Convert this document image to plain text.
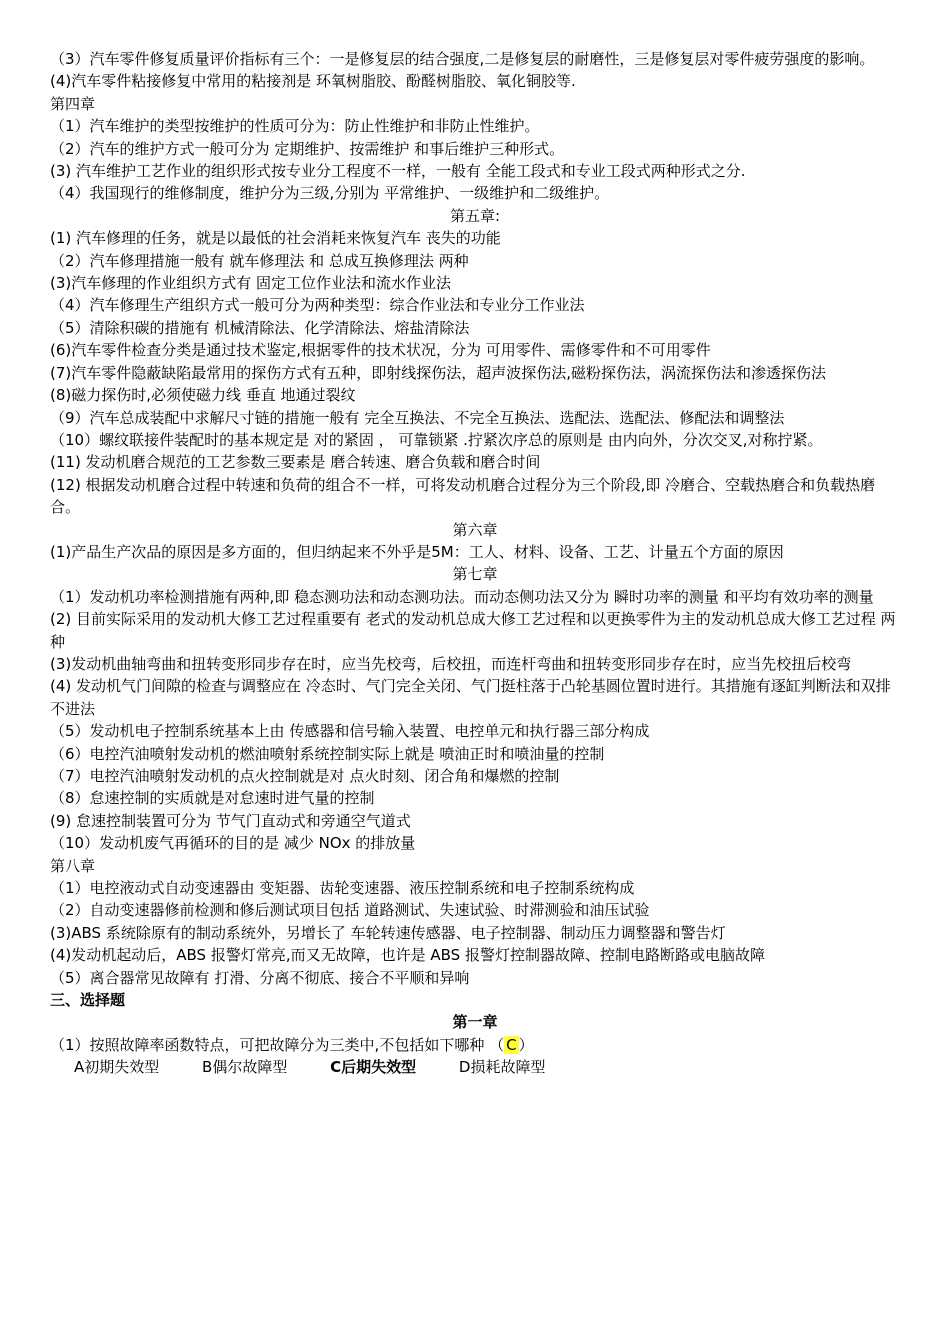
（3）汽车零件修复质量评价指标有三个：一是修复层的结合强度,二是修复层的耐磨性，三是修复层对零件疲劳强度的影响。
(4)汽车零件粘接修复中常用的粘接剂是 环氧树脂胶、酚醛树脂胶、氧化铜胶等.
第四章
（1）汽车维护的类型按维护的性质可分为：防止性维护和非防止性维护。
（2）汽车的维护方式一般可分为 定期维护、按需维护 和事后维护三种形式。
(3) 汽车维护工艺作业的组织形式按专业分工程度不一样，一般有 全能工段式和专业工段式两种形式之分.
（4）我国现行的维修制度，维护分为三级,分别为 平常维护、一级维护和二级维护。
第五章:
(1) 汽车修理的任务，就是以最低的社会消耗来恢复汽车 丧失的功能
（2）汽车修理措施一般有 就车修理法 和 总成互换修理法 两种
(3)汽车修理的作业组织方式有 固定工位作业法和流水作业法
（4）汽车修理生产组织方式一般可分为两种类型：综合作业法和专业分工作业法
（5）清除积碳的措施有 机械清除法、化学清除法、熔盐清除法
(6)汽车零件检查分类是通过技术鉴定,根据零件的技术状况，分为 可用零件、需修零件和不可用零件
(7)汽车零件隐蔽缺陷最常用的探伤方式有五种，即射线探伤法，超声波探伤法,磁粉探伤法，涡流探伤法和渗透探伤法
(8)磁力探伤时,必须使磁力线 垂直 地通过裂纹
（9）汽车总成装配中求解尺寸链的措施一般有 完全互换法、不完全互换法、选配法、选配法、修配法和调整法
（10）螺纹联接件装配时的基本规定是 对的紧固 ， 可靠锁紧 .拧紧次序总的原则是 由内向外，分次交叉,对称拧紧。
(11) 发动机磨合规范的工艺参数三要素是 磨合转速、磨合负载和磨合时间
(12) 根据发动机磨合过程中转速和负荷的组合不一样，可将发动机磨合过程分为三个阶段,即 冷磨合、空载热磨合和负载热磨合。
第六章
(1)产品生产次品的原因是多方面的，但归纳起来不外乎是5M：工人、材料、设备、工艺、计量五个方面的原因
第七章
（1）发动机功率检测措施有两种,即 稳态测功法和动态测功法。而动态侧功法又分为 瞬时功率的测量 和平均有效功率的测量
(2) 目前实际采用的发动机大修工艺过程重要有 老式的发动机总成大修工艺过程和以更换零件为主的发动机总成大修工艺过程 两种
(3)发动机曲轴弯曲和扭转变形同步存在时，应当先校弯，后校扭，而连杆弯曲和扭转变形同步存在时，应当先校扭后校弯
(4) 发动机气门间隙的检查与调整应在 冷态时、气门完全关闭、气门挺柱落于凸轮基圆位置时进行。其措施有逐缸判断法和双排不进法
（5）发动机电子控制系统基本上由 传感器和信号输入装置、电控单元和执行器三部分构成
（6）电控汽油喷射发动机的燃油喷射系统控制实际上就是 喷油正时和喷油量的控制
（7）电控汽油喷射发动机的点火控制就是对 点火时刻、闭合角和爆燃的控制
（8）怠速控制的实质就是对怠速时进气量的控制
(9) 怠速控制装置可分为 节气门直动式和旁通空气道式
（10）发动机废气再循环的目的是 减少 NOx 的排放量
第八章
（1）电控液动式自动变速器由 变矩器、齿轮变速器、液压控制系统和电子控制系统构成
（2）自动变速器修前检测和修后测试项目包括 道路测试、失速试验、时滞测验和油压试验
(3)ABS 系统除原有的制动系统外，另增长了 车轮转速传感器、电子控制器、制动压力调整器和警告灯
(4)发动机起动后，ABS 报警灯常亮,而又无故障，也许是 ABS 报警灯控制器故障、控制电路断路或电脑故障
（5）离合器常见故障有 打滑、分离不彻底、接合不平顺和异响
三、选择题
第一章
（1）按照故障率函数特点，可把故障分为三类中,不包括如下哪种 （ C ）
A初期失效型	B偶尔故障型	C后期失效型	D损耗故障型
